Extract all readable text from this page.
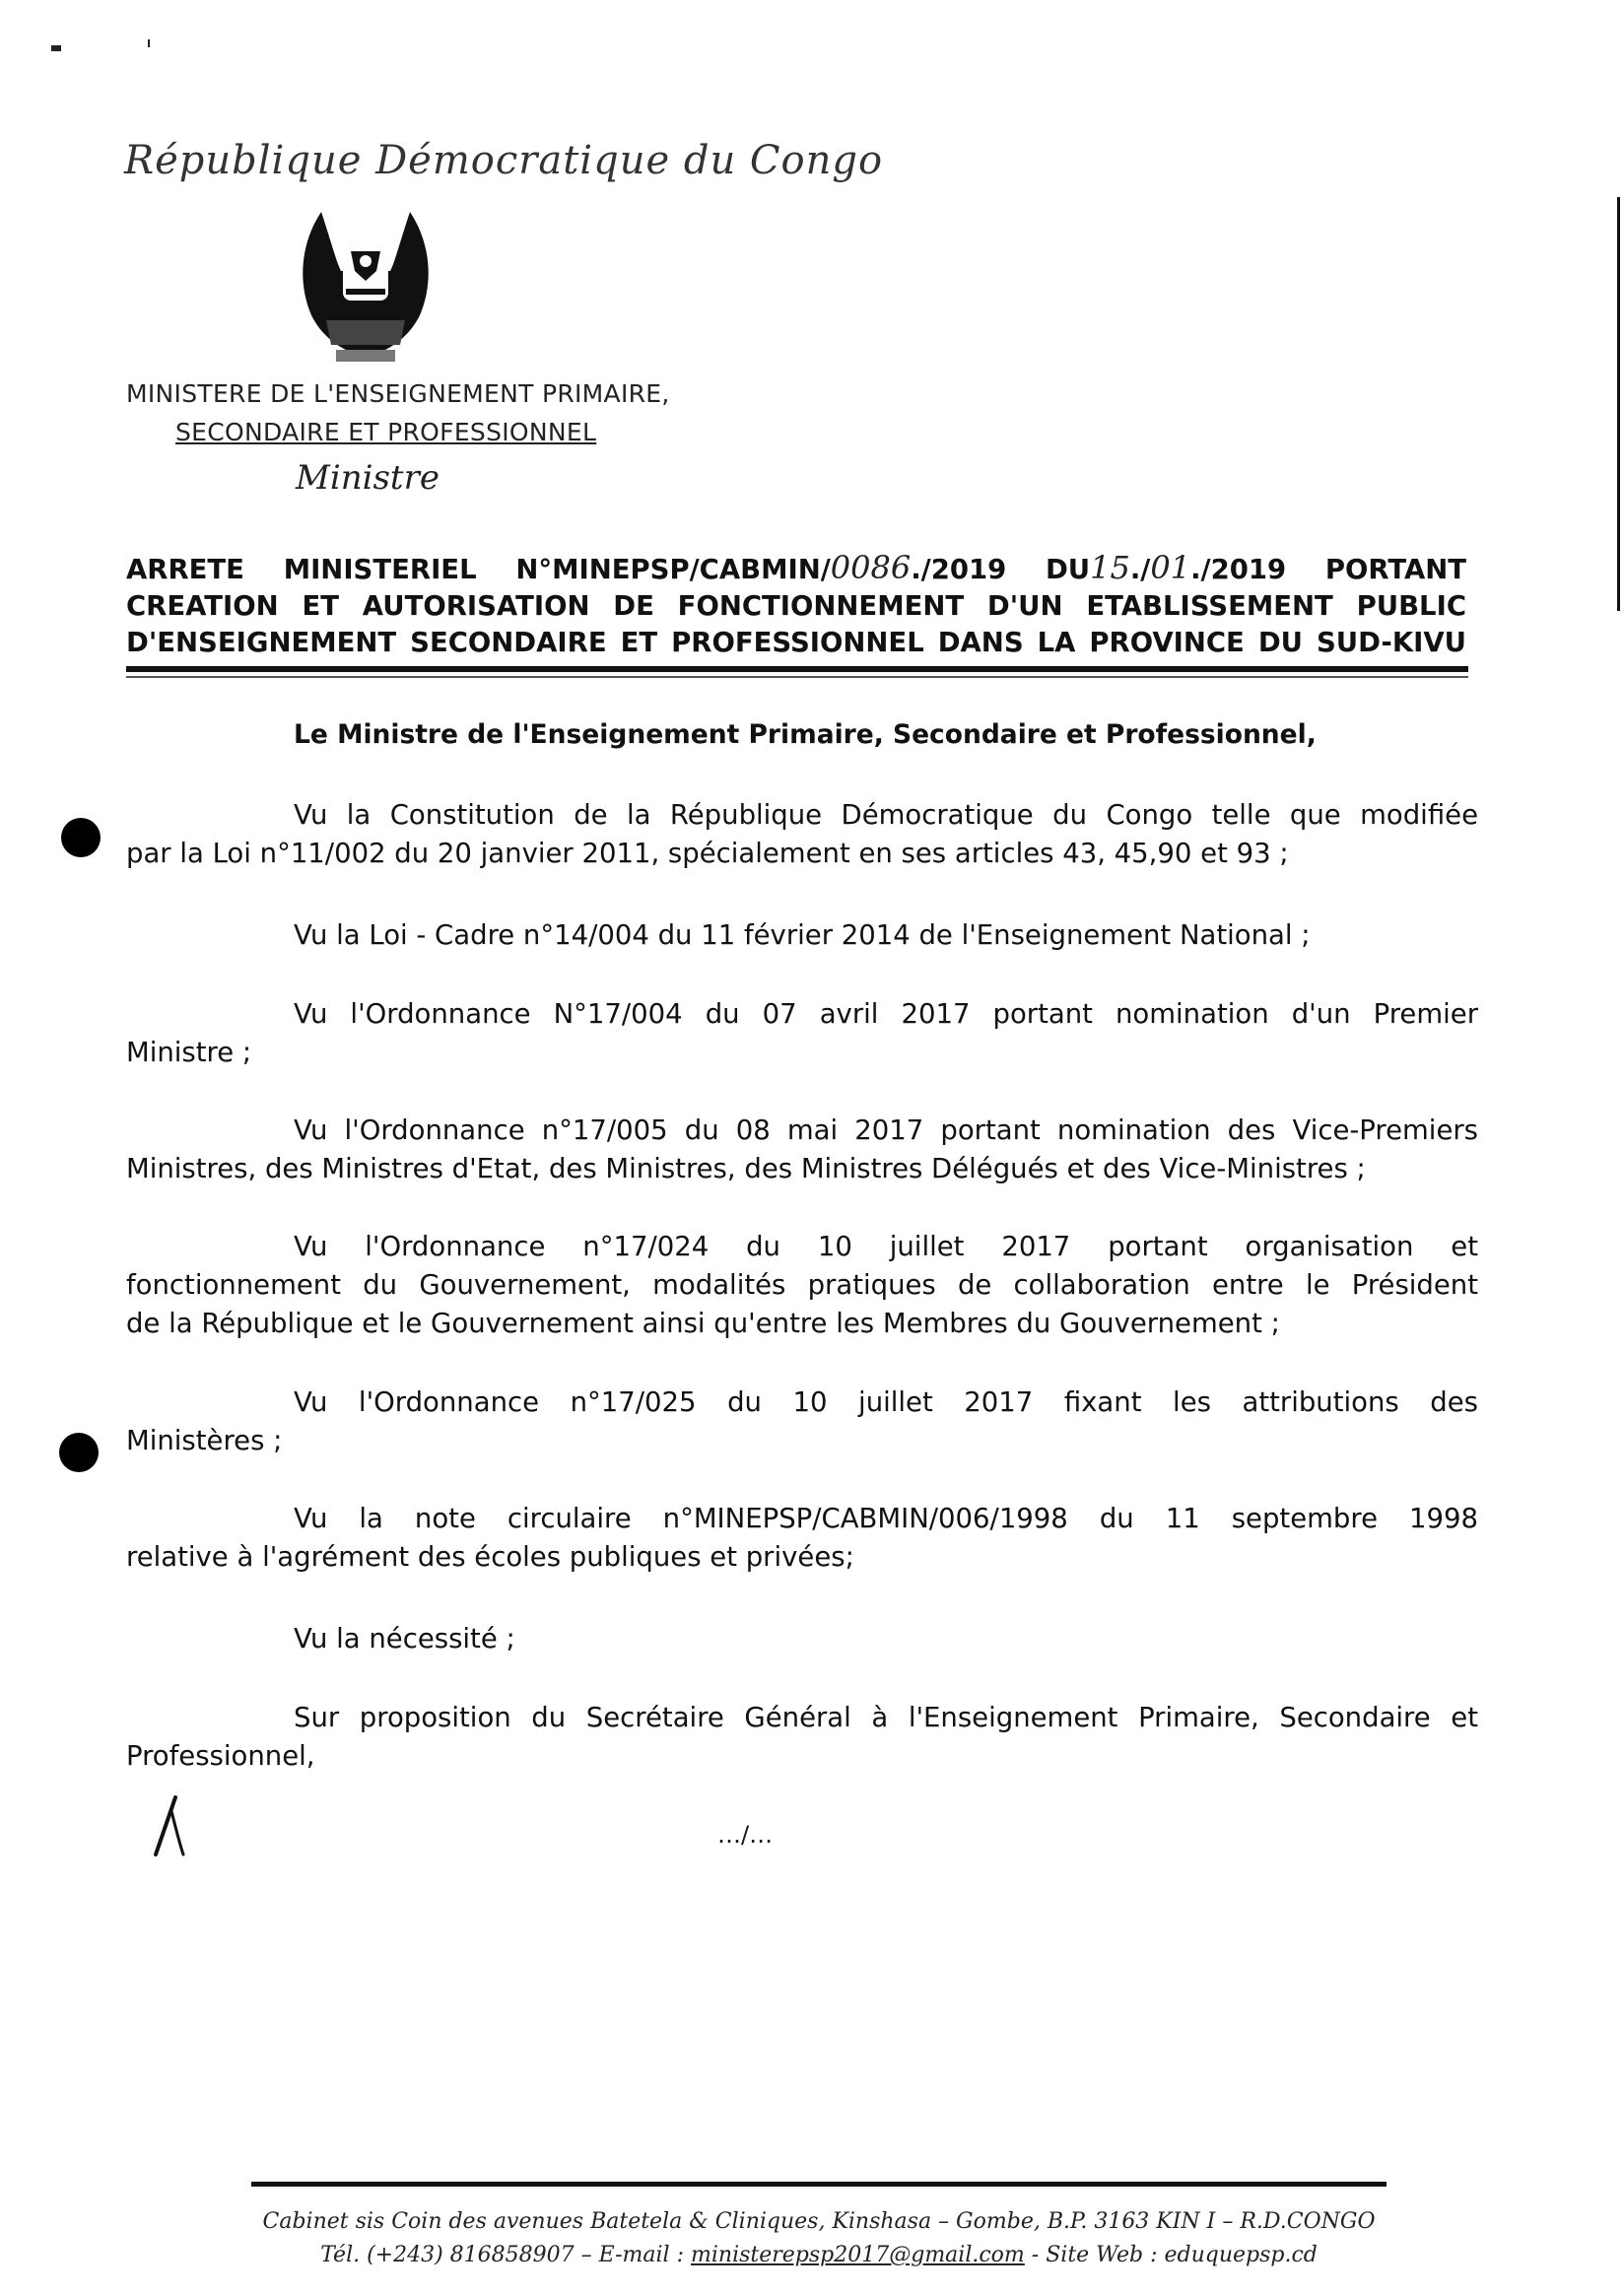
République Démocratique du Congo
MINISTERE DE L'ENSEIGNEMENT PRIMAIRE,
SECONDAIRE ET PROFESSIONNEL
Ministre
ARRETE MINISTERIEL N°MINEPSP/CABMIN/0086./2019 DU15./01./2019 PORTANT
CREATION ET AUTORISATION DE FONCTIONNEMENT D'UN ETABLISSEMENT PUBLIC
D'ENSEIGNEMENT SECONDAIRE ET PROFESSIONNEL DANS LA PROVINCE DU SUD-KIVU
Le Ministre de l'Enseignement Primaire, Secondaire et Professionnel,
Vu la Constitution de la République Démocratique du Congo telle que modifiée
par la Loi n°11/002 du 20 janvier 2011, spécialement en ses articles 43, 45,90 et 93 ;
Vu la Loi - Cadre n°14/004 du 11 février 2014 de l'Enseignement National ;
Vu l'Ordonnance N°17/004 du 07 avril 2017 portant nomination d'un Premier
Ministre ;
Vu l'Ordonnance n°17/005 du 08 mai 2017 portant nomination des Vice-Premiers
Ministres, des Ministres d'Etat, des Ministres, des Ministres Délégués et des Vice-Ministres ;
Vu l'Ordonnance n°17/024 du 10 juillet 2017 portant organisation et
fonctionnement du Gouvernement, modalités pratiques de collaboration entre le Président
de la République et le Gouvernement ainsi qu'entre les Membres du Gouvernement ;
Vu l'Ordonnance n°17/025 du 10 juillet 2017 fixant les attributions des
Ministères ;
Vu la note circulaire n°MINEPSP/CABMIN/006/1998 du 11 septembre 1998
relative à l'agrément des écoles publiques et privées;
Vu la nécessité ;
Sur proposition du Secrétaire Général à l'Enseignement Primaire, Secondaire et
Professionnel,
…/…
Cabinet sis Coin des avenues Batetela & Cliniques, Kinshasa – Gombe, B.P. 3163 KIN I – R.D.CONGO
Tél. (+243) 816858907 – E-mail : ministerepsp2017@gmail.com - Site Web : eduquepsp.cd
